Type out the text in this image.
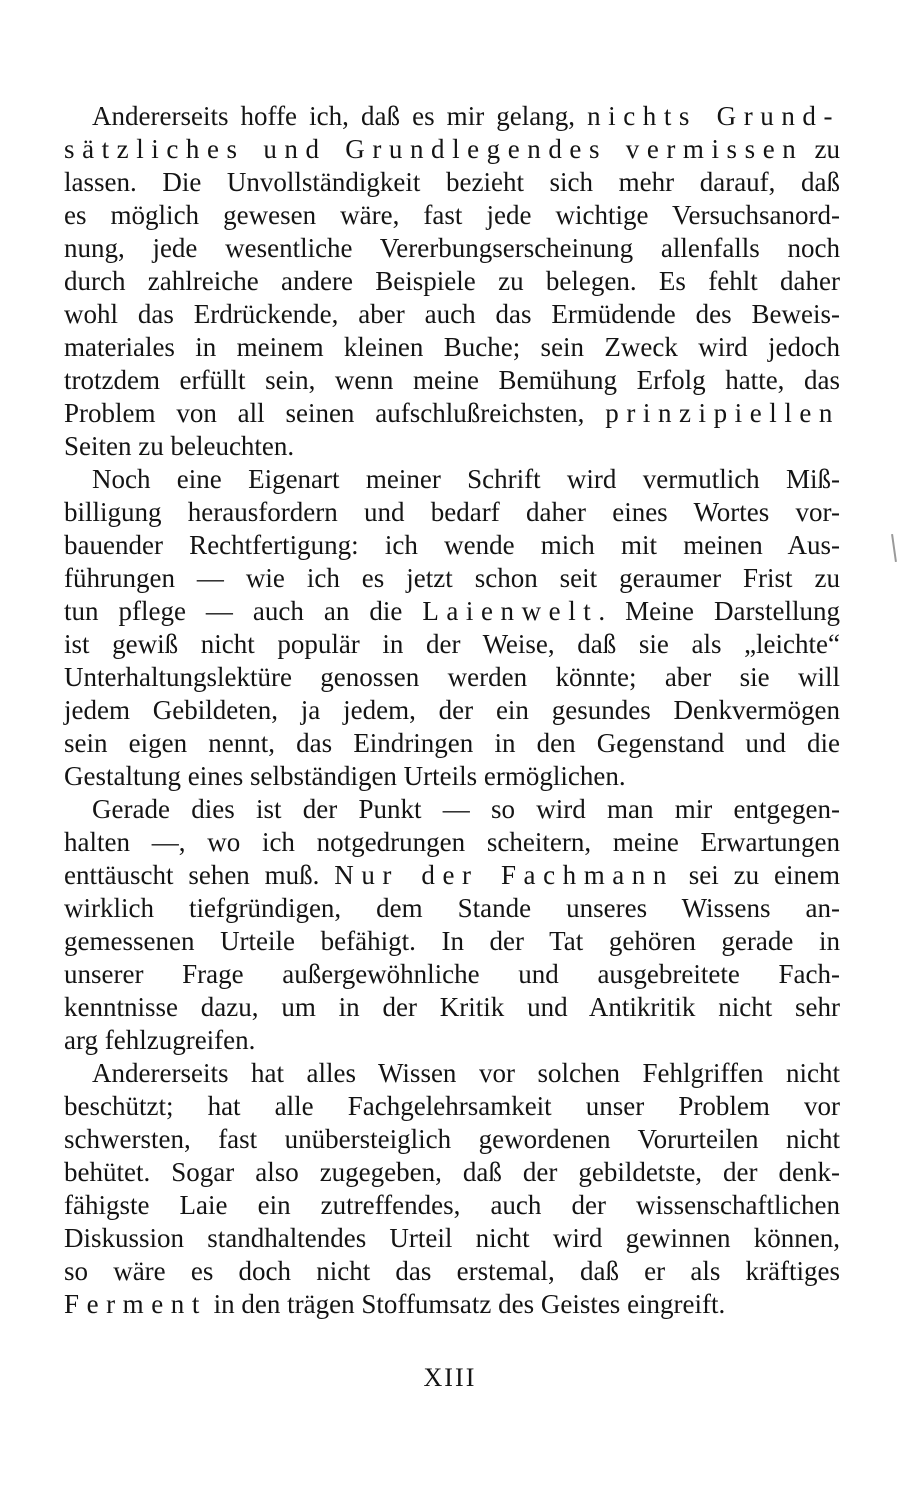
Andererseits hoffe ich, daß es mir gelang, nichts Grund-
sätzliches und Grundlegendes vermissen zu
lassen. Die Unvollständigkeit bezieht sich mehr darauf, daß
es möglich gewesen wäre, fast jede wichtige Versuchsanord-
nung, jede wesentliche Vererbungserscheinung allenfalls noch
durch zahlreiche andere Beispiele zu belegen. Es fehlt daher
wohl das Erdrückende, aber auch das Ermüdende des Beweis-
materiales in meinem kleinen Buche; sein Zweck wird jedoch
trotzdem erfüllt sein, wenn meine Bemühung Erfolg hatte, das
Problem von all seinen aufschlußreichsten, prinzipiellen
Seiten zu beleuchten.
Noch eine Eigenart meiner Schrift wird vermutlich Miß-
billigung herausfordern und bedarf daher eines Wortes vor-
bauender Rechtfertigung: ich wende mich mit meinen Aus-
führungen — wie ich es jetzt schon seit geraumer Frist zu
tun pflege — auch an die Laienwelt. Meine Darstellung
ist gewiß nicht populär in der Weise, daß sie als „leichte“
Unterhaltungslektüre genossen werden könnte; aber sie will
jedem Gebildeten, ja jedem, der ein gesundes Denkvermögen
sein eigen nennt, das Eindringen in den Gegenstand und die
Gestaltung eines selbständigen Urteils ermöglichen.
Gerade dies ist der Punkt — so wird man mir entgegen-
halten —, wo ich notgedrungen scheitern, meine Erwartungen
enttäuscht sehen muß. Nur der Fachmann sei zu einem
wirklich tiefgründigen, dem Stande unseres Wissens an-
gemessenen Urteile befähigt. In der Tat gehören gerade in
unserer Frage außergewöhnliche und ausgebreitete Fach-
kenntnisse dazu, um in der Kritik und Antikritik nicht sehr
arg fehlzugreifen.
Andererseits hat alles Wissen vor solchen Fehlgriffen nicht
beschützt; hat alle Fachgelehrsamkeit unser Problem vor
schwersten, fast unübersteiglich gewordenen Vorurteilen nicht
behütet. Sogar also zugegeben, daß der gebildetste, der denk-
fähigste Laie ein zutreffendes, auch der wissenschaftlichen
Diskussion standhaltendes Urteil nicht wird gewinnen können,
so wäre es doch nicht das erstemal, daß er als kräftiges
Ferment in den trägen Stoffumsatz des Geistes eingreift.
XIII
